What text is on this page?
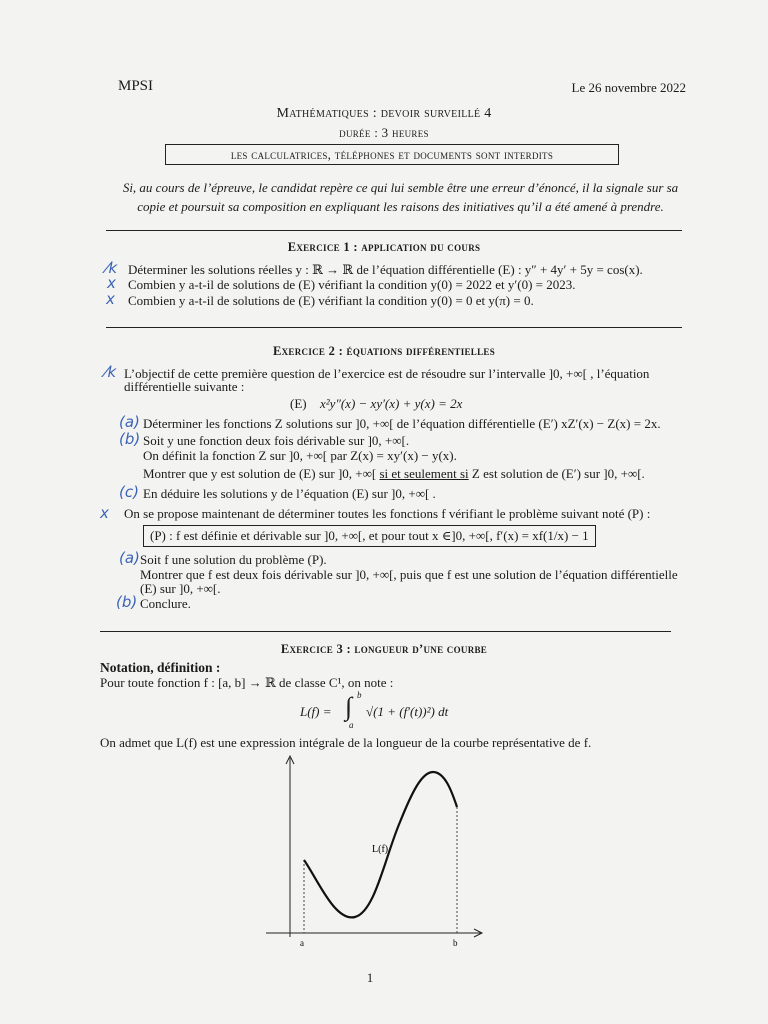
MPSI	Le 26 novembre 2022
Mathématiques : devoir surveillé 4
durée : 3 heures
les calculatrices, téléphones et documents sont interdits
Si, au cours de l’épreuve, le candidat repère ce qui lui semble être une erreur d’énoncé, il la signale sur sa copie et poursuit sa composition en expliquant les raisons des initiatives qu’il a été amené à prendre.
Exercice 1 : application du cours
⁄k Déterminer les solutions réelles y : ℝ → ℝ de l’équation différentielle (E) : y″ + 4y′ + 5y = cos(x).
ⅹ Combien y a-t-il de solutions de (E) vérifiant la condition y(0) = 2022 et y′(0) = 2023.
ⅹ Combien y a-t-il de solutions de (E) vérifiant la condition y(0) = 0 et y(π) = 0.
Exercice 2 : équations différentielles
⁄k L’objectif de cette première question de l’exercice est de résoudre sur l’intervalle ]0, +∞[ , l’équation
différentielle suivante :
(E) x²y″(x) − xy′(x) + y(x) = 2x
(a) Déterminer les fonctions Z solutions sur ]0, +∞[ de l’équation différentielle (E′) xZ′(x) − Z(x) = 2x.
(b) Soit y une fonction deux fois dérivable sur ]0, +∞[.
On définit la fonction Z sur ]0, +∞[ par Z(x) = xy′(x) − y(x).
Montrer que y est solution de (E) sur ]0, +∞[ si et seulement si Z est solution de (E′) sur ]0, +∞[.
(c) En déduire les solutions y de l’équation (E) sur ]0, +∞[ .
ⅹ On se propose maintenant de déterminer toutes les fonctions f vérifiant le problème suivant noté (P) :
(P) : f est définie et dérivable sur ]0, +∞[, et pour tout x ∈]0, +∞[, f′(x) = xf(1/x) − 1
(a) Soit f une solution du problème (P).
Montrer que f est deux fois dérivable sur ]0, +∞[, puis que f est une solution de l’équation différentielle
(E) sur ]0, +∞[.
(b) Conclure.
Exercice 3 : longueur d’une courbe
Notation, définition :
Pour toute fonction f : [a, b] → ℝ de classe C¹, on note :
L(f) = ∫ b
a
√(1 + (f′(t))²) dt
On admet que L(f) est une expression intégrale de la longueur de la courbe représentative de f.
L(f)
a	b
1
